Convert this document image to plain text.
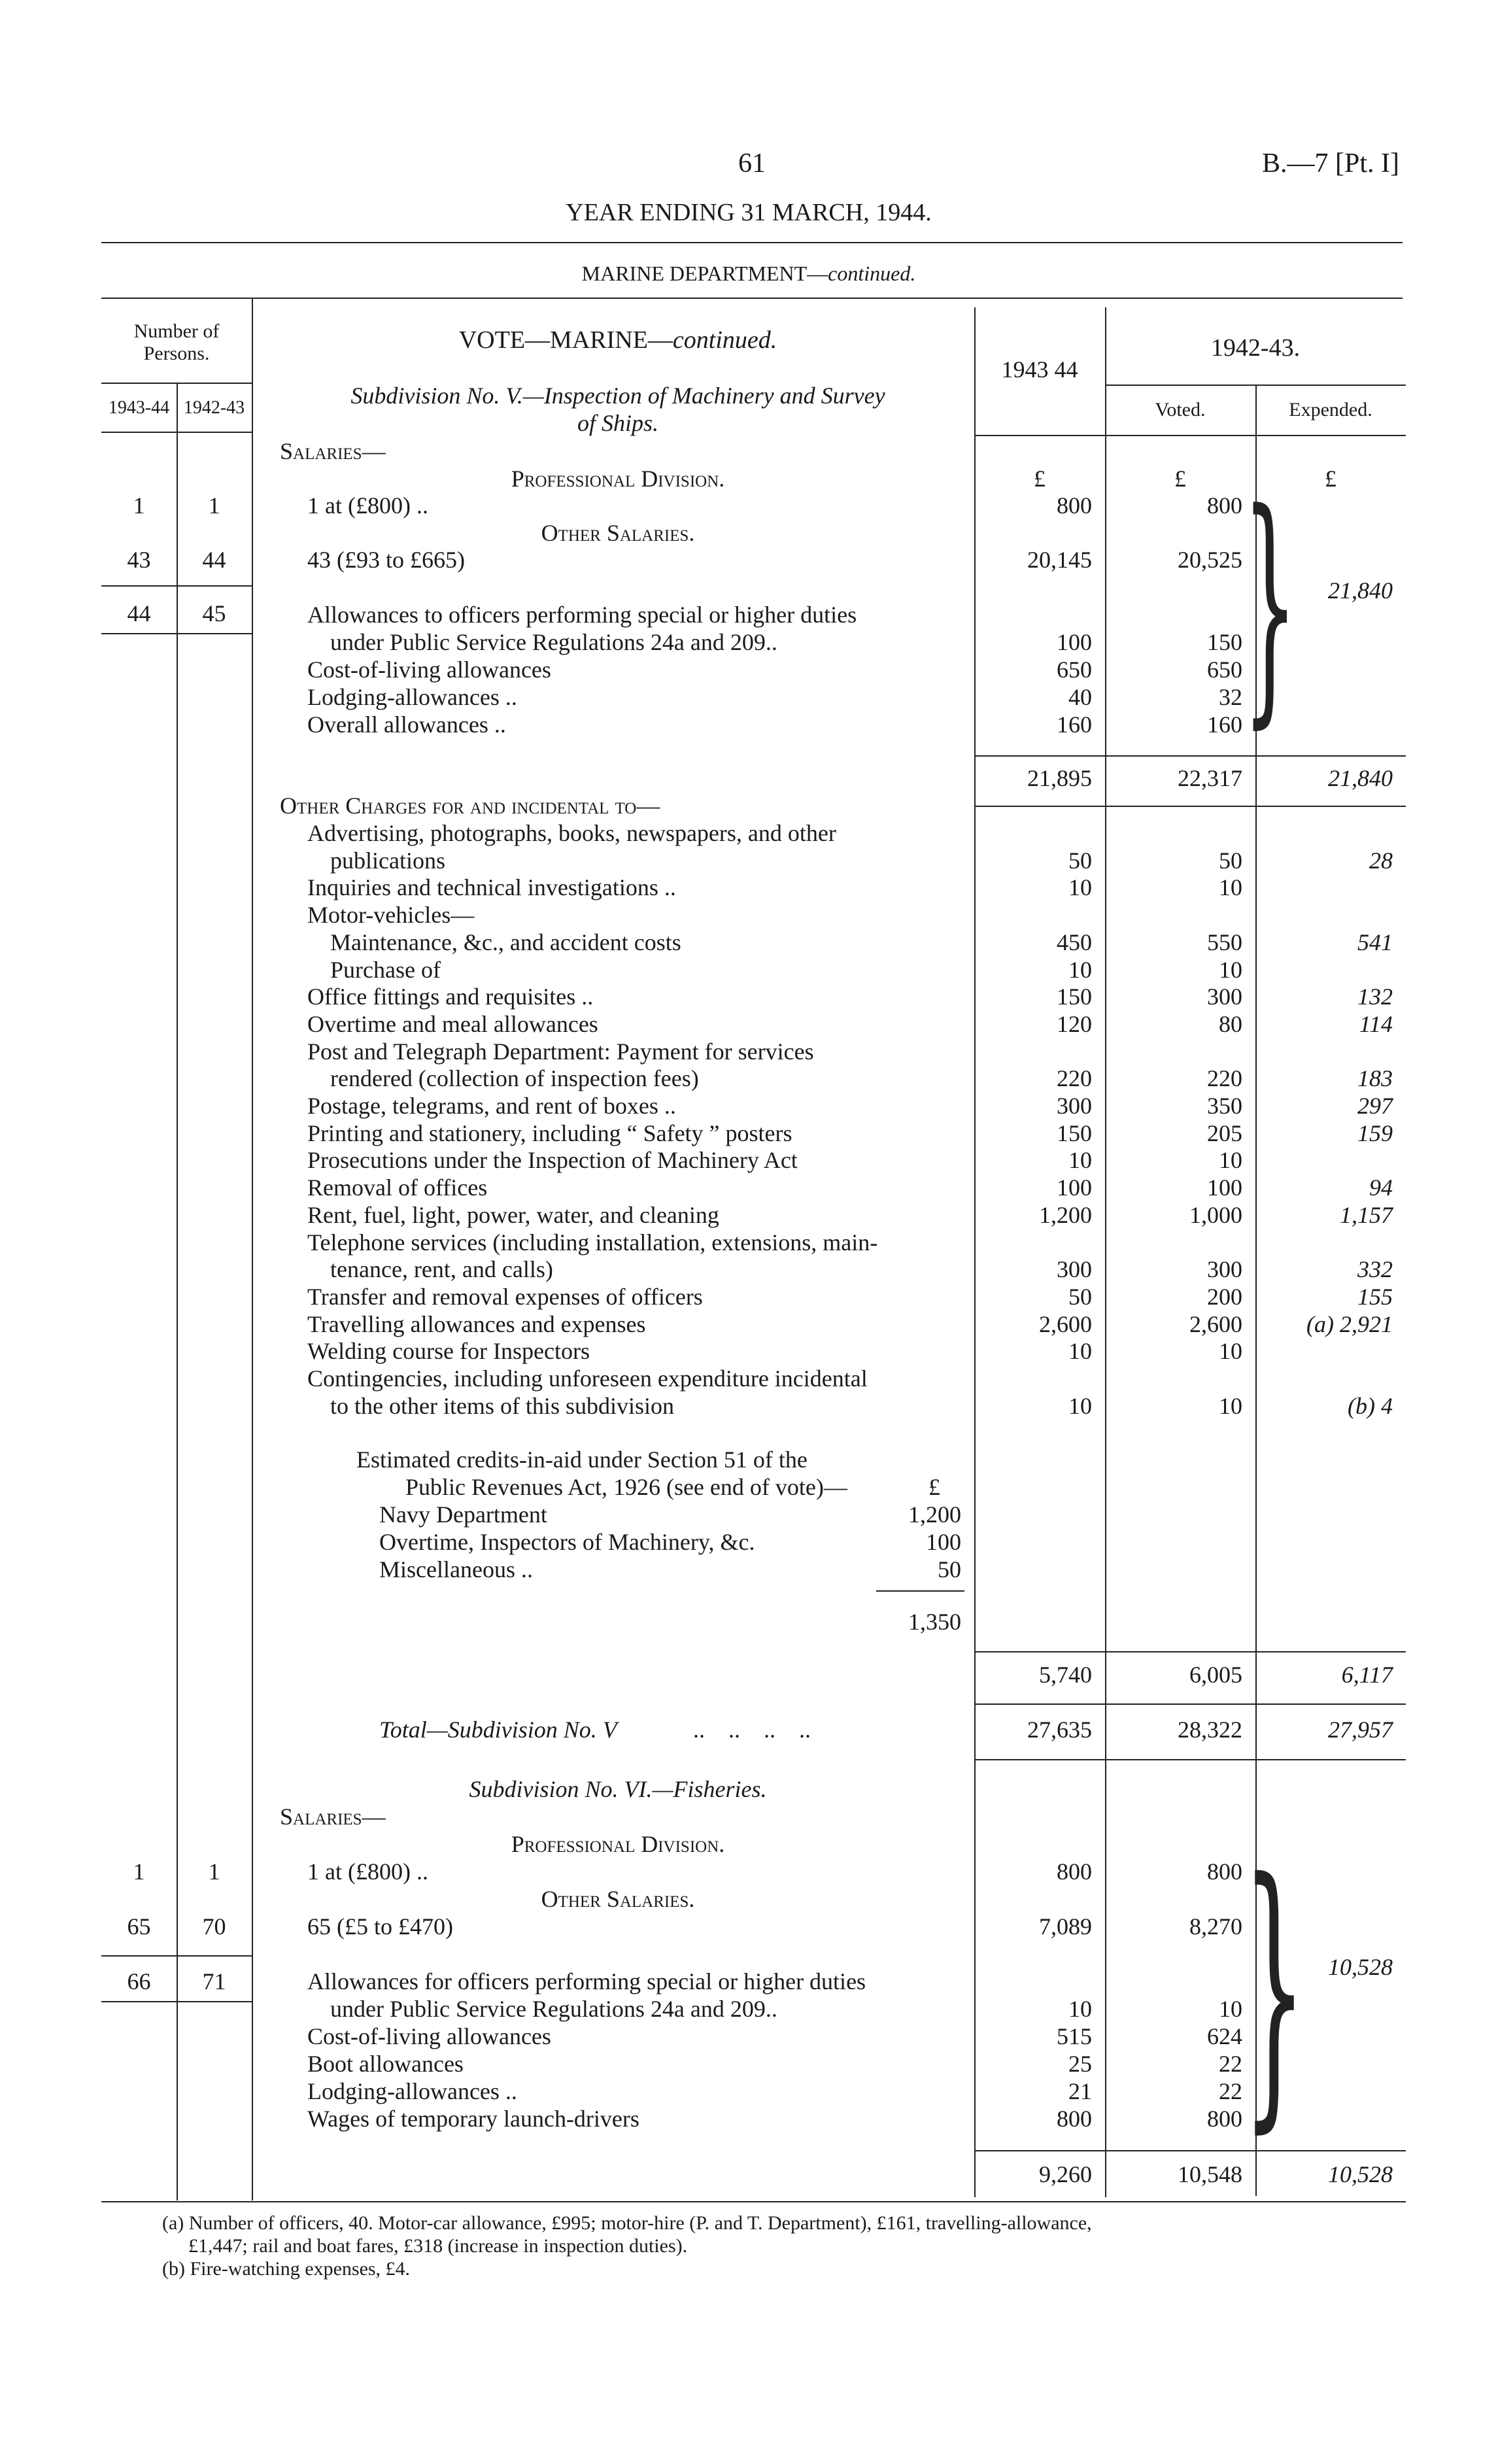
61	B.—7 [Pt. I]
YEAR ENDING 31 MARCH, 1944.
MARINE DEPARTMENT—continued.
Number of Persons.
1943-44 1942-43
VOTE—MARINE—continued.
1943 44
1942-43.
Voted.	Expended.
Subdivision No. V.—Inspection of Machinery and Survey
of Ships.
Salaries—
Professional Division.	£	£	£
1	1	1 at (£800) ..	800	800
Other Salaries.
43	44	43 (£93 to £665)	20,145	20,525
44	45	}	21,840
Allowances to officers performing special or higher duties
under Public Service Regulations 24a and 209..	100	150
Cost-of-living allowances	650	650
Lodging-allowances ..	40	32
Overall allowances ..	160	160
21,895	22,317	21,840
Other Charges for and incidental to—
Advertising, photographs, books, newspapers, and other
publications	50	50	28
Inquiries and technical investigations ..	10	10
Motor-vehicles—
Maintenance, &c., and accident costs	450	550	541
Purchase of	10	10
Office fittings and requisites ..	150	300	132
Overtime and meal allowances	120	80	114
Post and Telegraph Department: Payment for services
rendered (collection of inspection fees)	220	220	183
Postage, telegrams, and rent of boxes ..	300	350	297
Printing and stationery, including “ Safety ” posters	150	205	159
Prosecutions under the Inspection of Machinery Act	10	10
Removal of offices	100	100	94
Rent, fuel, light, power, water, and cleaning	1,200	1,000	1,157
Telephone services (including installation, extensions, main-
tenance, rent, and calls)	300	300	332
Transfer and removal expenses of officers	50	200	155
Travelling allowances and expenses	2,600	2,600	(a) 2,921
Welding course for Inspectors	10	10
Contingencies, including unforeseen expenditure incidental
to the other items of this subdivision	10	10	(b) 4
Estimated credits-in-aid under Section 51 of the
Public Revenues Act, 1926 (see end of vote)—	£
Navy Department	1,200
Overtime, Inspectors of Machinery, &c.	100
Miscellaneous ..	50
1,350
5,740	6,005	6,117
Total—Subdivision No. V	..    ..    ..    ..	27,635	28,322	27,957
Subdivision No. VI.—Fisheries.
Salaries—
Professional Division.
1	1	1 at (£800) ..	800	800
Other Salaries.
65	70	65 (£5 to £470)	7,089	8,270
66	71	} 10,528
Allowances for officers performing special or higher duties
under Public Service Regulations 24a and 209..	10	10
Cost-of-living allowances	515	624
Boot allowances	25	22
Lodging-allowances ..	21	22
Wages of temporary launch-drivers	800	800
9,260	10,548	10,528
(a) Number of officers, 40. Motor-car allowance, £995; motor-hire (P. and T. Department), £161, travelling-allowance,
£1,447; rail and boat fares, £318 (increase in inspection duties).
(b) Fire-watching expenses, £4.
